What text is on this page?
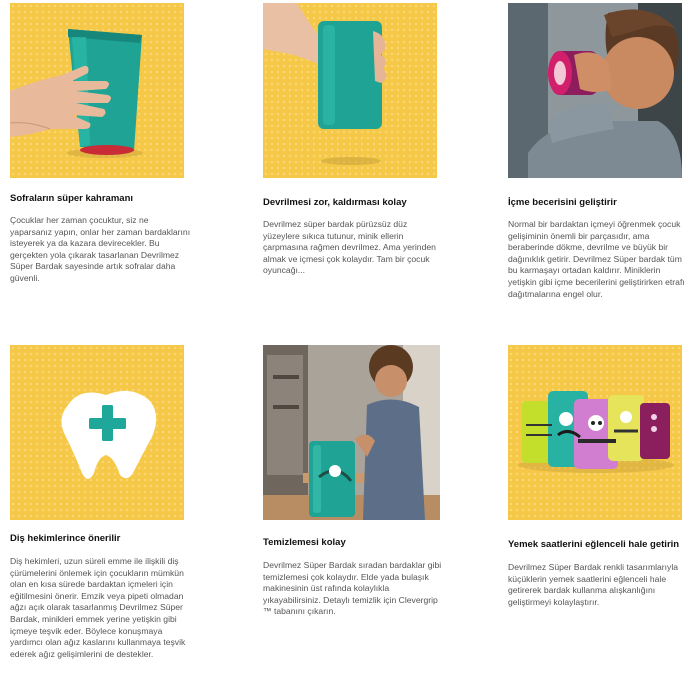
Sofraların süper kahramanı
Çocuklar her zaman çocuktur, siz ne yaparsanız yapın, onlar her zaman bardaklarını isteyerek ya da kazara devirecekler. Bu gerçekten yola çıkarak tasarlanan Devrilmez Süper Bardak sayesinde artık sofralar daha güvenli.
Devrilmesi zor, kaldırması kolay
Devrilmez süper bardak pürüzsüz düz yüzeylere sıkıca tutunur, minik ellerin çarpmasına rağmen devrilmez. Ama yerinden almak ve içmesi çok kolaydır. Tam bir çocuk oyuncağı...
İçme becerisini geliştirir
Normal bir bardaktan içmeyi öğrenmek çocuk gelişiminin önemli bir parçasıdır, ama beraberinde dökme, devrilme ve büyük bir dağınıklık getirir. Devrilmez Süper bardak tüm bu karmaşayı ortadan kaldırır. Miniklerin yetişkin gibi içme becerilerini geliştirirken etrafı dağıtmalarına engel olur.
Diş hekimlerince önerilir
Diş hekimleri, uzun süreli emme ile ilişkili diş çürümelerini önlemek için çocukların mümkün olan en kısa sürede bardaktan içmeleri için eğitilmesini önerir. Emzik veya pipeti olmadan ağzı açık olarak tasarlanmış Devrilmez Süper Bardak, minikleri emmek yerine yetişkin gibi içmeye teşvik eder. Böylece konuşmaya yardımcı olan ağız kaslarını kullanmaya teşvik ederek ağız gelişimlerini de destekler.
Temizlemesi kolay
Devrilmez Süper Bardak sıradan bardaklar gibi temizlemesi çok kolaydır. Elde yada bulaşık makinesinin üst rafında kolaylıkla yıkayabilirsiniz. Detaylı temizlik için Clevergrip ™ tabanını çıkarın.
Yemek saatlerini eğlenceli hale getirin
Devrilmez Süper Bardak renkli tasarımlarıyla küçüklerin yemek saatlerini eğlenceli hale getirerek bardak kullanma alışkanlığını geliştirmeyi kolaylaştırır.
